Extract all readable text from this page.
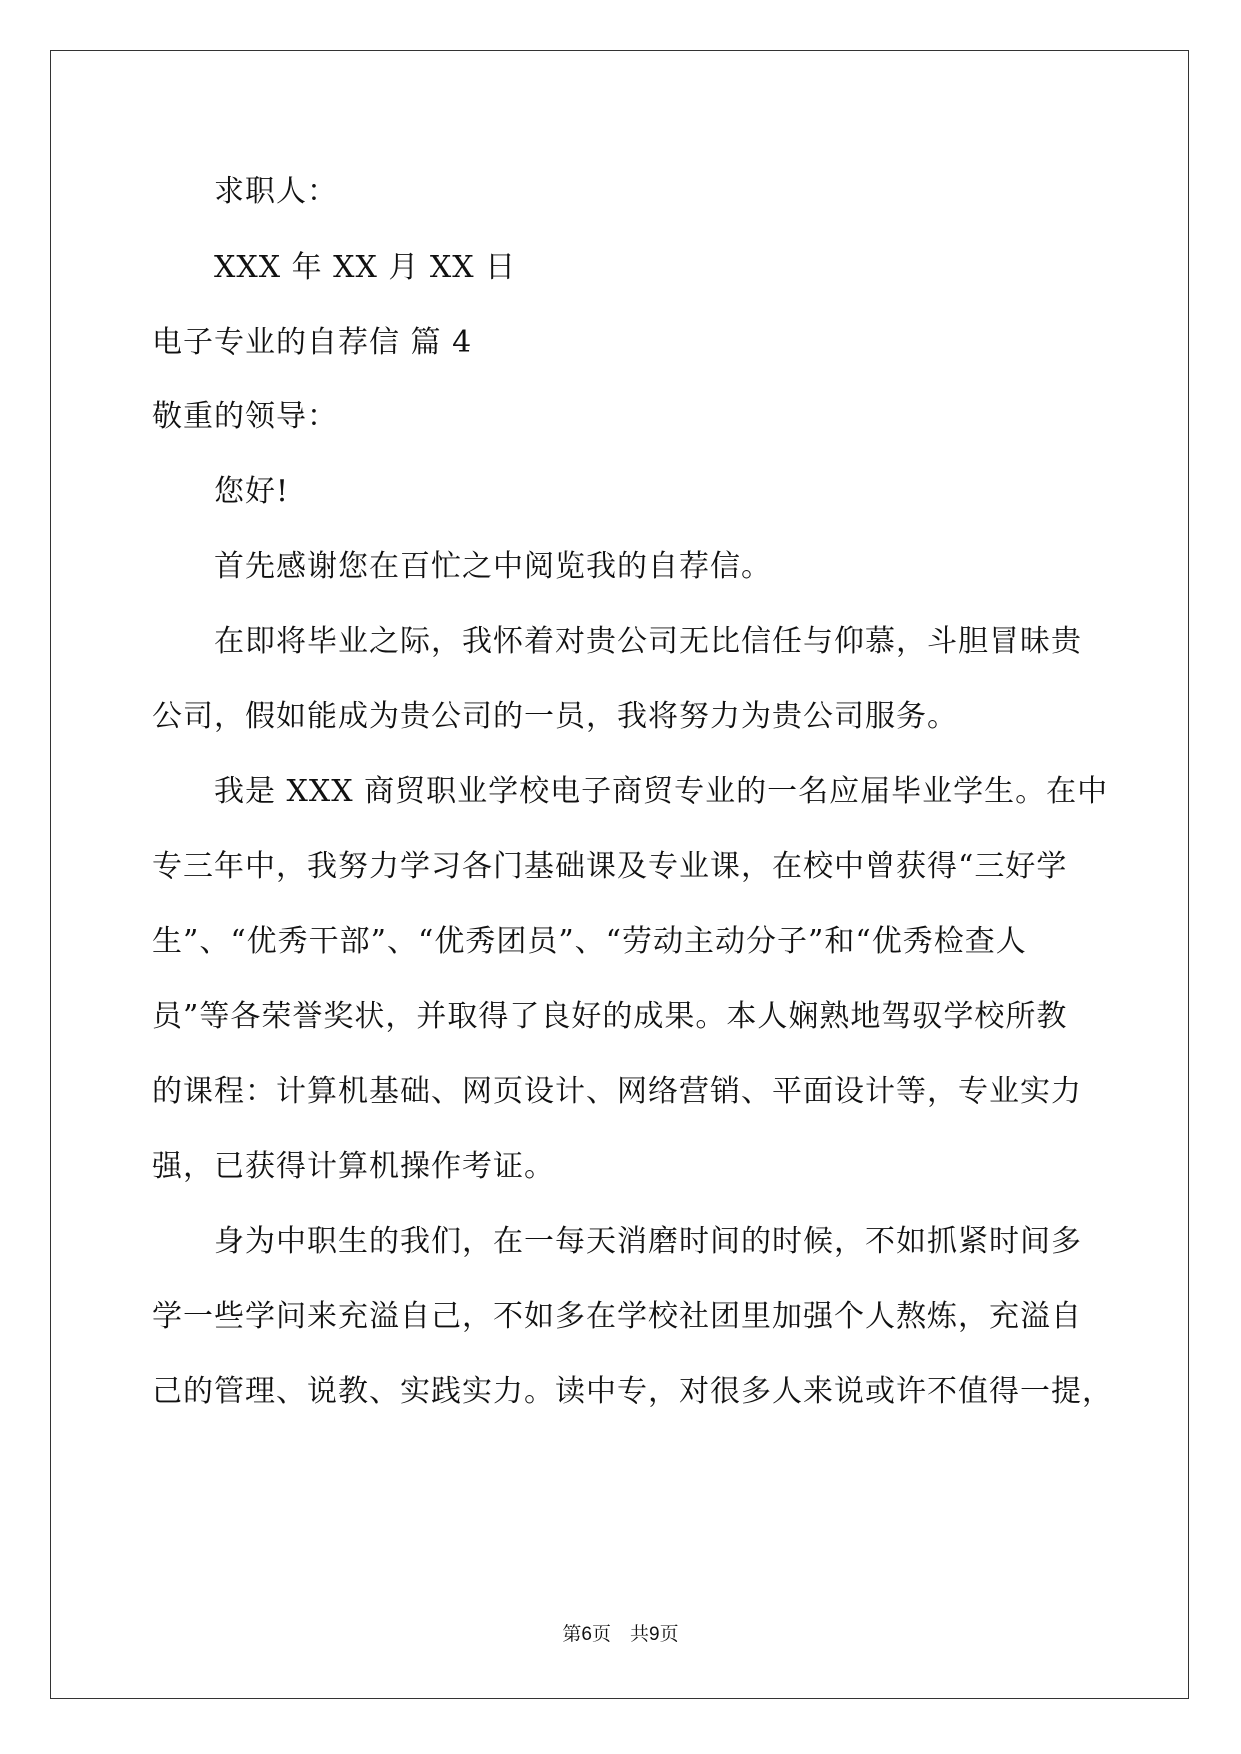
求职人：
XXX 年 XX 月 XX 日
电子专业的自荐信 篇 4
敬重的领导：
您好!
首先感谢您在百忙之中阅览我的自荐信。
在即将毕业之际，我怀着对贵公司无比信任与仰慕，斗胆冒昧贵
公司，假如能成为贵公司的一员，我将努力为贵公司服务。
我是 XXX 商贸职业学校电子商贸专业的一名应届毕业学生。在中
专三年中，我努力学习各门基础课及专业课，在校中曾获得“三好学
生”、“优秀干部”、“优秀团员”、“劳动主动分子”和“优秀检查人
员”等各荣誉奖状，并取得了良好的成果。本人娴熟地驾驭学校所教
的课程：计算机基础、网页设计、网络营销、平面设计等，专业实力
强，已获得计算机操作考证。
身为中职生的我们，在一每天消磨时间的时候，不如抓紧时间多
学一些学问来充溢自己，不如多在学校社团里加强个人熬炼，充溢自
己的管理、说教、实践实力。读中专，对很多人来说或许不值得一提，
第6页　共9页
